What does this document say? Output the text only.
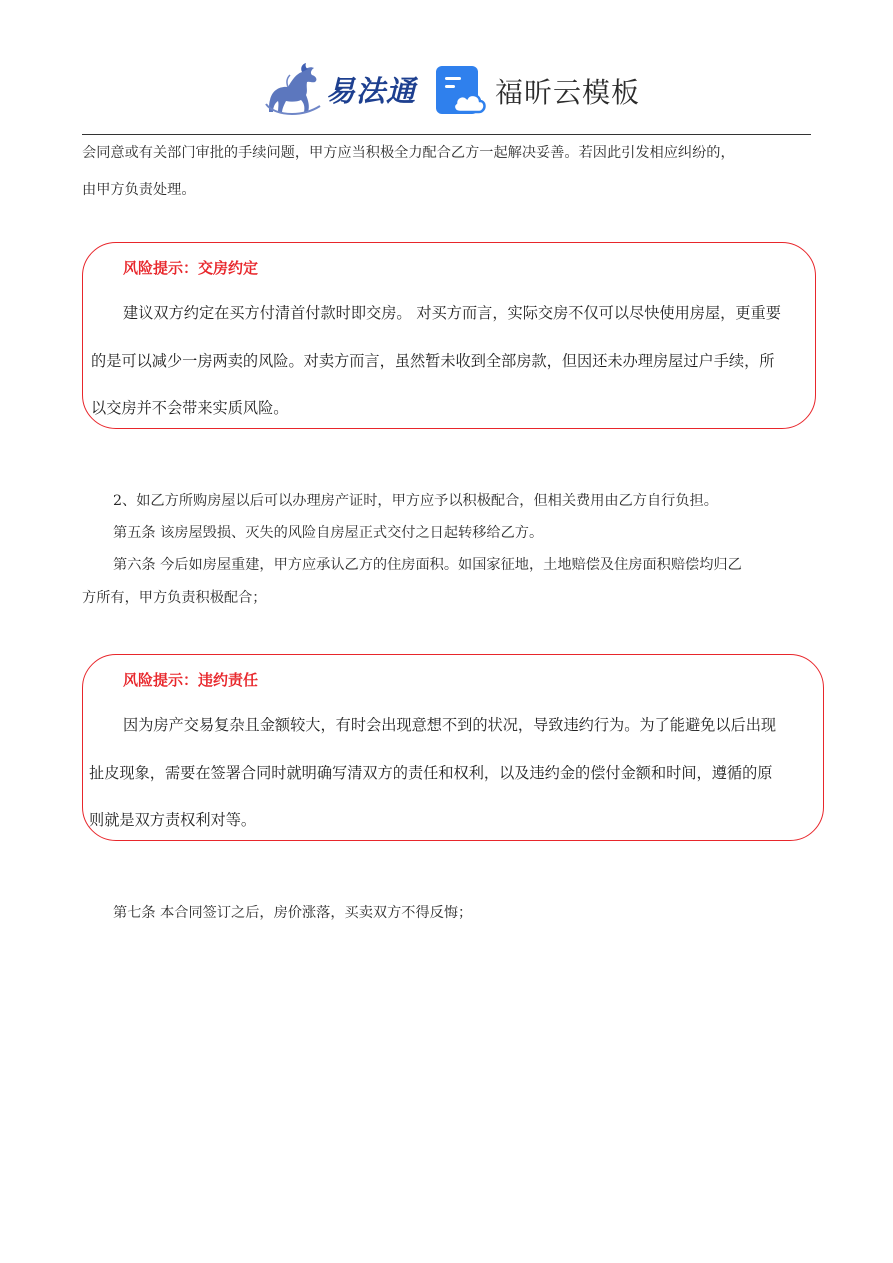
易法通	福昕云模板
会同意或有关部门审批的手续问题，甲方应当积极全力配合乙方一起解决妥善。若因此引发相应纠纷的，
由甲方负责处理。
风险提示：交房约定
建议双方约定在买方付清首付款时即交房。 对买方而言，实际交房不仅可以尽快使用房屋，更重要
的是可以减少一房两卖的风险。对卖方而言，虽然暂未收到全部房款，但因还未办理房屋过户手续，所
以交房并不会带来实质风险。
2、如乙方所购房屋以后可以办理房产证时，甲方应予以积极配合，但相关费用由乙方自行负担。
第五条 该房屋毁损、灭失的风险自房屋正式交付之日起转移给乙方。
第六条 今后如房屋重建，甲方应承认乙方的住房面积。如国家征地，土地赔偿及住房面积赔偿均归乙
方所有，甲方负责积极配合；
风险提示：违约责任
因为房产交易复杂且金额较大，有时会出现意想不到的状况，导致违约行为。为了能避免以后出现
扯皮现象，需要在签署合同时就明确写清双方的责任和权利，以及违约金的偿付金额和时间，遵循的原
则就是双方责权利对等。
第七条 本合同签订之后，房价涨落，买卖双方不得反悔；
